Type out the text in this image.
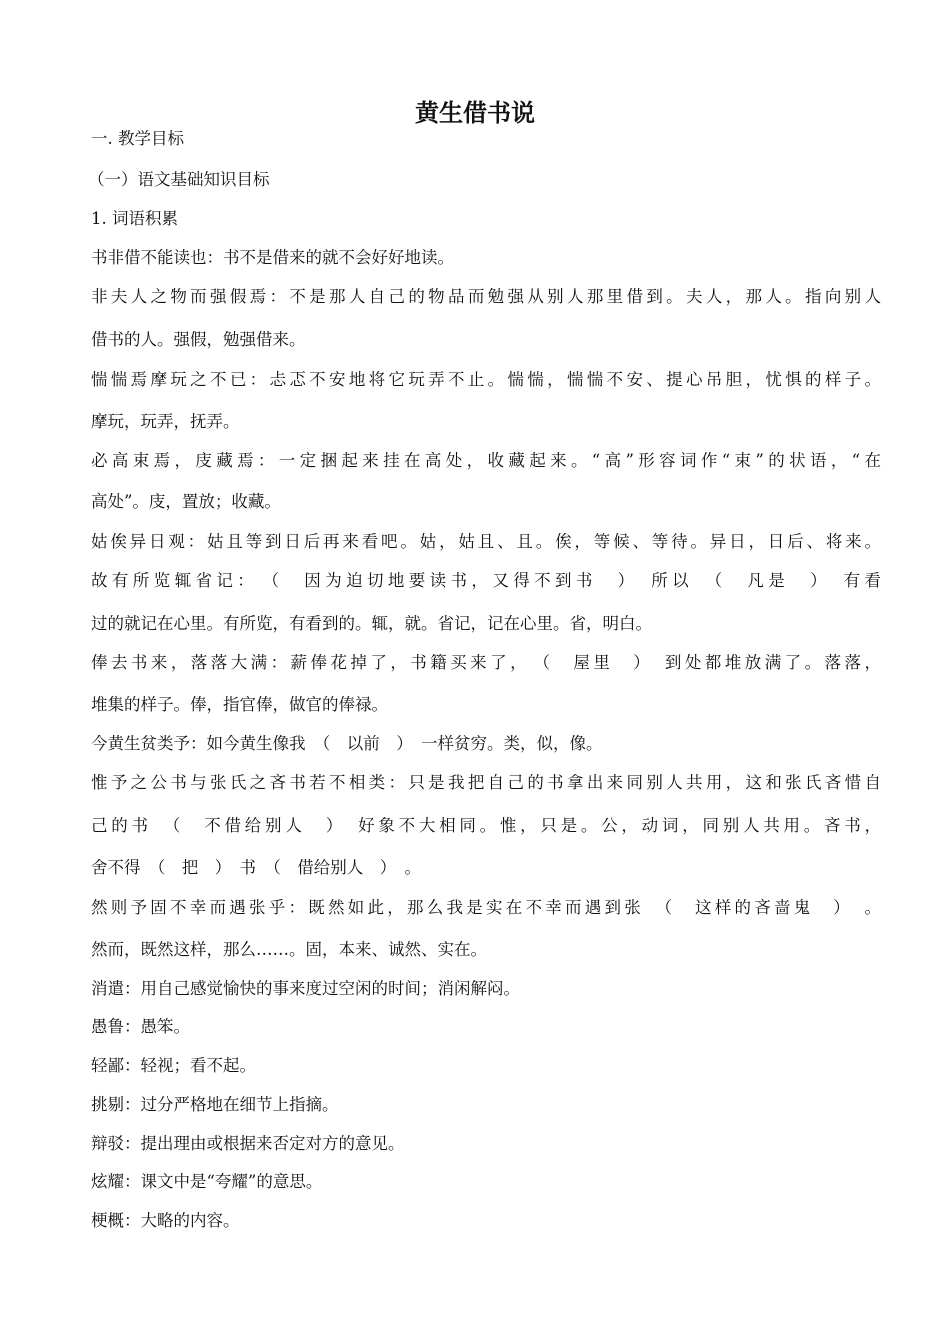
黄生借书说
一. 教学目标
（一）语文基础知识目标
1. 词语积累
书非借不能读也：书不是借来的就不会好好地读。
非夫人之物而强假焉：不是那人自己的物品而勉强从别人那里借到。夫人，那人。指向别人
借书的人。强假，勉强借来。
惴惴焉摩玩之不已：忐忑不安地将它玩弄不止。惴惴，惴惴不安、提心吊胆，忧惧的样子。
摩玩，玩弄，抚弄。
必高束焉，庋藏焉：一定捆起来挂在高处，收藏起来。“高”形容词作“束”的状语，“在
高处”。庋，置放；收藏。
姑俟异日观：姑且等到日后再来看吧。姑，姑且、且。俟，等候、等待。异日，日后、将来。
故有所览辄省记：　（　因为迫切地要读书，又得不到书　）　所以　（　凡是　）　有看
过的就记在心里。有所览，有看到的。辄，就。省记，记在心里。省，明白。
俸去书来，落落大满：薪俸花掉了，书籍买来了，　（　屋里　）　到处都堆放满了。落落，
堆集的样子。俸，指官俸，做官的俸禄。
今黄生贫类予：如今黄生像我　（　以前　）　一样贫穷。类，似，像。
惟予之公书与张氏之吝书若不相类：只是我把自己的书拿出来同别人共用，这和张氏吝惜自
己的书　（　不借给别人　）　好象不大相同。惟，只是。公，动词，同别人共用。吝书，
舍不得　（　把　）　书　（　借给别人　）　。
然则予固不幸而遇张乎：既然如此，那么我是实在不幸而遇到张　（　这样的吝啬鬼　）　。
然而，既然这样，那么……。固，本来、诚然、实在。
消遣：用自己感觉愉快的事来度过空闲的时间；消闲解闷。
愚鲁：愚笨。
轻鄙：轻视；看不起。
挑剔：过分严格地在细节上指摘。
辩驳：提出理由或根据来否定对方的意见。
炫耀：课文中是“夸耀”的意思。
梗概：大略的内容。
